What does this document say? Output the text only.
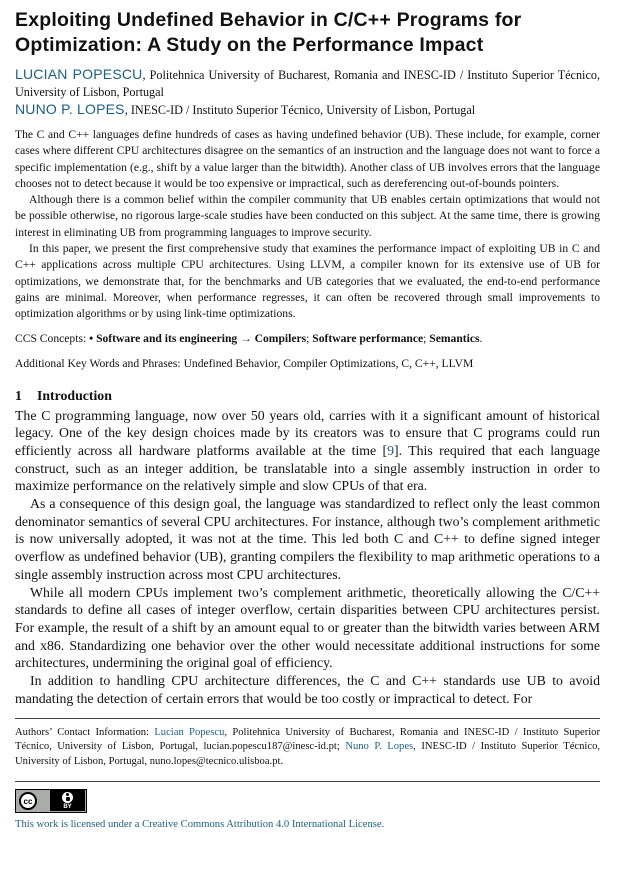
Exploiting Undefined Behavior in C/C++ Programs for Optimization: A Study on the Performance Impact
LUCIAN POPESCU, Politehnica University of Bucharest, Romania and INESC-ID / Instituto Superior Técnico, University of Lisbon, Portugal
NUNO P. LOPES, INESC-ID / Instituto Superior Técnico, University of Lisbon, Portugal

The C and C++ languages define hundreds of cases as having undefined behavior (UB). These include, for example, corner cases where different CPU architectures disagree on the semantics of an instruction and the language does not want to force a specific implementation (e.g., shift by a value larger than the bitwidth). Another class of UB involves errors that the language chooses not to detect because it would be too expensive or impractical, such as dereferencing out-of-bounds pointers.

Although there is a common belief within the compiler community that UB enables certain optimizations that would not be possible otherwise, no rigorous large-scale studies have been conducted on this subject. At the same time, there is growing interest in eliminating UB from programming languages to improve security.

In this paper, we present the first comprehensive study that examines the performance impact of exploiting UB in C and C++ applications across multiple CPU architectures. Using LLVM, a compiler known for its extensive use of UB for optimizations, we demonstrate that, for the benchmarks and UB categories that we evaluated, the end-to-end performance gains are minimal. Moreover, when performance regresses, it can often be recovered through small improvements to optimization algorithms or by using link-time optimizations.

CCS Concepts: • Software and its engineering → Compilers; Software performance; Semantics.
Additional Key Words and Phrases: Undefined Behavior, Compiler Optimizations, C, C++, LLVM
1 Introduction

The C programming language, now over 50 years old, carries with it a significant amount of historical legacy. One of the key design choices made by its creators was to ensure that C programs could run efficiently across all hardware platforms available at the time [9]. This required that each language construct, such as an integer addition, be translatable into a single assembly instruction in order to maximize performance on the relatively simple and slow CPUs of that era.

As a consequence of this design goal, the language was standardized to reflect only the least common denominator semantics of several CPU architectures. For instance, although two’s complement arithmetic is now universally adopted, it was not at the time. This led both C and C++ to define signed integer overflow as undefined behavior (UB), granting compilers the flexibility to map arithmetic operations to a single assembly instruction across most CPU architectures.

While all modern CPUs implement two’s complement arithmetic, theoretically allowing the C/C++ standards to define all cases of integer overflow, certain disparities between CPU architectures persist. For example, the result of a shift by an amount equal to or greater than the bitwidth varies between ARM and x86. Standardizing one behavior over the other would necessitate additional instructions for some architectures, undermining the original goal of efficiency.

In addition to handling CPU architecture differences, the C and C++ standards use UB to avoid mandating the detection of certain errors that would be too costly or impractical to detect. For

Authors’ Contact Information: Lucian Popescu, Politehnica University of Bucharest, Romania and INESC-ID / Instituto Superior Técnico, University of Lisbon, Portugal, lucian.popescu187@inesc-id.pt; Nuno P. Lopes, INESC-ID / Instituto Superior Técnico, University of Lisbon, Portugal, nuno.lopes@tecnico.ulisboa.pt.
cc
BY
This work is licensed under a Creative Commons Attribution 4.0 International License.
